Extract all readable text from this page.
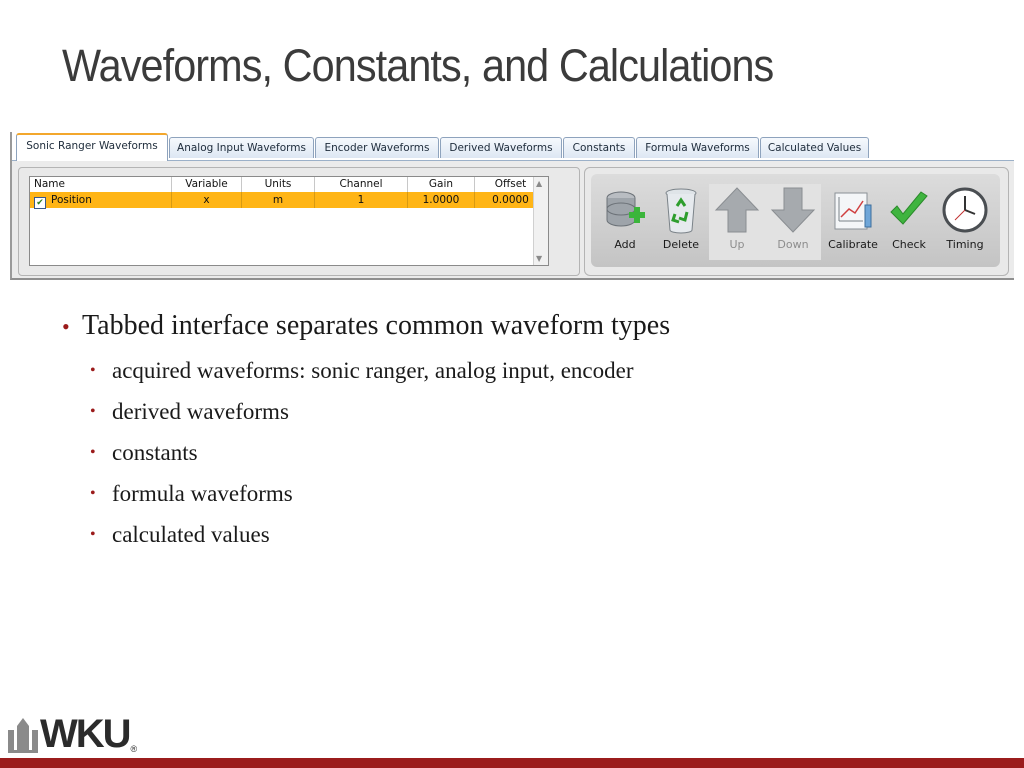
Waveforms, Constants, and Calculations
Sonic Ranger Waveforms	Analog Input Waveforms	Encoder Waveforms	Derived Waveforms	Constants	Formula Waveforms	Calculated Values
Name	Variable	Units	Channel	Gain	Offset
✔ Position	x	m	1	1.0000	0.0000
▲
▼
Add	Delete	Up	Down	Calibrate	Check	Timing
• Tabbed interface separates common waveform types
• acquired waveforms: sonic ranger, analog input, encoder
• derived waveforms
• constants
• formula waveforms
• calculated values
WKU ®
